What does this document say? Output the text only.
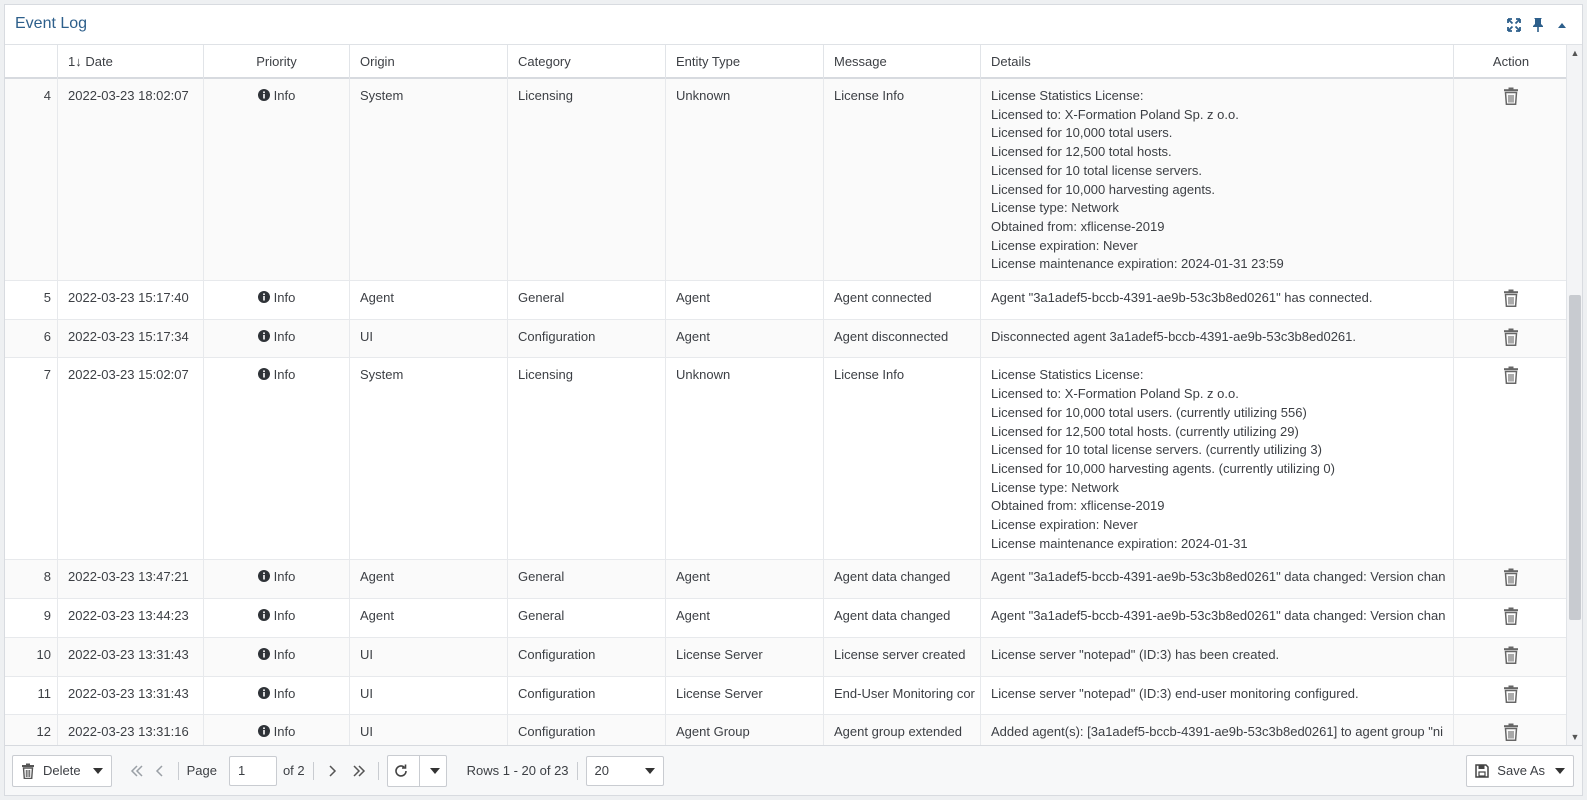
Event Log
1↓ Date	Priority	Origin	Category	Entity Type	Message	Details	Action
4	2022-03-23 18:02:07	Info	System	Licensing	Unknown	License Info	License Statistics License:
Licensed to: X-Formation Poland Sp. z o.o.
Licensed for 10,000 total users.
Licensed for 12,500 total hosts.
Licensed for 10 total license servers.
Licensed for 10,000 harvesting agents.
License type: Network
Obtained from: xflicense-2019
License expiration: Never
License maintenance expiration: 2024-01-31 23:59
5	2022-03-23 15:17:40	Info	Agent	General	Agent	Agent connected	Agent "3a1adef5-bccb-4391-ae9b-53c3b8ed0261" has connected.
6	2022-03-23 15:17:34	Info	UI	Configuration	Agent	Agent disconnected	Disconnected agent 3a1adef5-bccb-4391-ae9b-53c3b8ed0261.
7	2022-03-23 15:02:07	Info	System	Licensing	Unknown	License Info	License Statistics License:
Licensed to: X-Formation Poland Sp. z o.o.
Licensed for 10,000 total users. (currently utilizing 556)
Licensed for 12,500 total hosts. (currently utilizing 29)
Licensed for 10 total license servers. (currently utilizing 3)
Licensed for 10,000 harvesting agents. (currently utilizing 0)
License type: Network
Obtained from: xflicense-2019
License expiration: Never
License maintenance expiration: 2024-01-31
8	2022-03-23 13:47:21	Info	Agent	General	Agent	Agent data changed	Agent "3a1adef5-bccb-4391-ae9b-53c3b8ed0261" data changed: Version chan
9	2022-03-23 13:44:23	Info	Agent	General	Agent	Agent data changed	Agent "3a1adef5-bccb-4391-ae9b-53c3b8ed0261" data changed: Version chan
10	2022-03-23 13:31:43	Info	UI	Configuration	License Server	License server created	License server "notepad" (ID:3) has been created.
11	2022-03-23 13:31:43	Info	UI	Configuration	License Server	End-User Monitoring cor	License server "notepad" (ID:3) end-user monitoring configured.
12	2022-03-23 13:31:16	Info	UI	Configuration	Agent Group	Agent group extended	Added agent(s): [3a1adef5-bccb-4391-ae9b-53c3b8ed0261] to agent group "ni
▲
▼
Delete	Page
1	of 2	Rows 1 - 20 of 23 20	Save As
